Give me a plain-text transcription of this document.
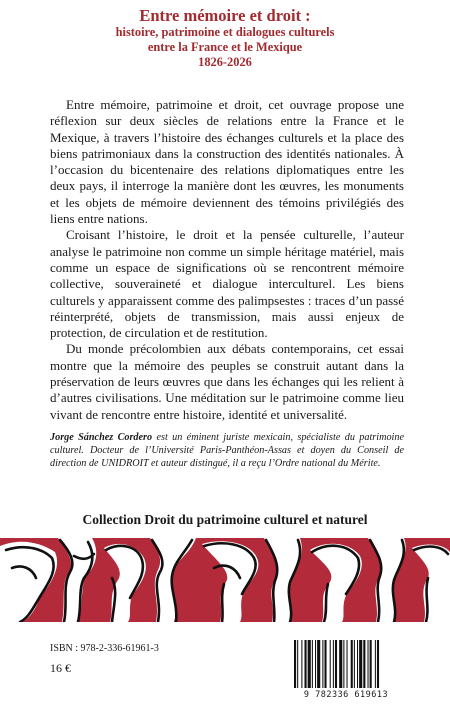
Entre mémoire et droit :
histoire, patrimoine et dialogues culturels
entre la France et le Mexique
1826-2026

Entre mémoire, patrimoine et droit, cet ouvrage propose une réflexion sur deux siècles de relations entre la France et le Mexique, à travers l’histoire des échanges culturels et la place des biens patrimoniaux dans la construction des identités nationales. À l’occasion du bicentenaire des relations diplomatiques entre les deux pays, il interroge la manière dont les œuvres, les monuments et les objets de mémoire deviennent des témoins privilégiés des liens entre nations.

Croisant l’histoire, le droit et la pensée culturelle, l’auteur analyse le patrimoine non comme un simple héritage matériel, mais comme un espace de significations où se rencontrent mémoire collective, souveraineté et dialogue interculturel. Les biens culturels y apparaissent comme des palimpsestes : traces d’un passé réinterprété, objets de transmission, mais aussi enjeux de protection, de circulation et de restitution.

Du monde précolombien aux débats contemporains, cet essai montre que la mémoire des peuples se construit autant dans la préservation de leurs œuvres que dans les échanges qui les relient à d’autres civilisations. Une méditation sur le patrimoine comme lieu vivant de rencontre entre histoire, identité et universalité.

Jorge Sánchez Cordero est un éminent juriste mexicain, spécialiste du patrimoine culturel. Docteur de l’Université Paris-Panthéon-Assas et doyen du Conseil de direction de UNIDROIT et auteur distingué, il a reçu l’Ordre national du Mérite.
Collection Droit du patrimoine culturel et naturel
ISBN : 978-2-336-61961-3
16 €
9 782336 619613
